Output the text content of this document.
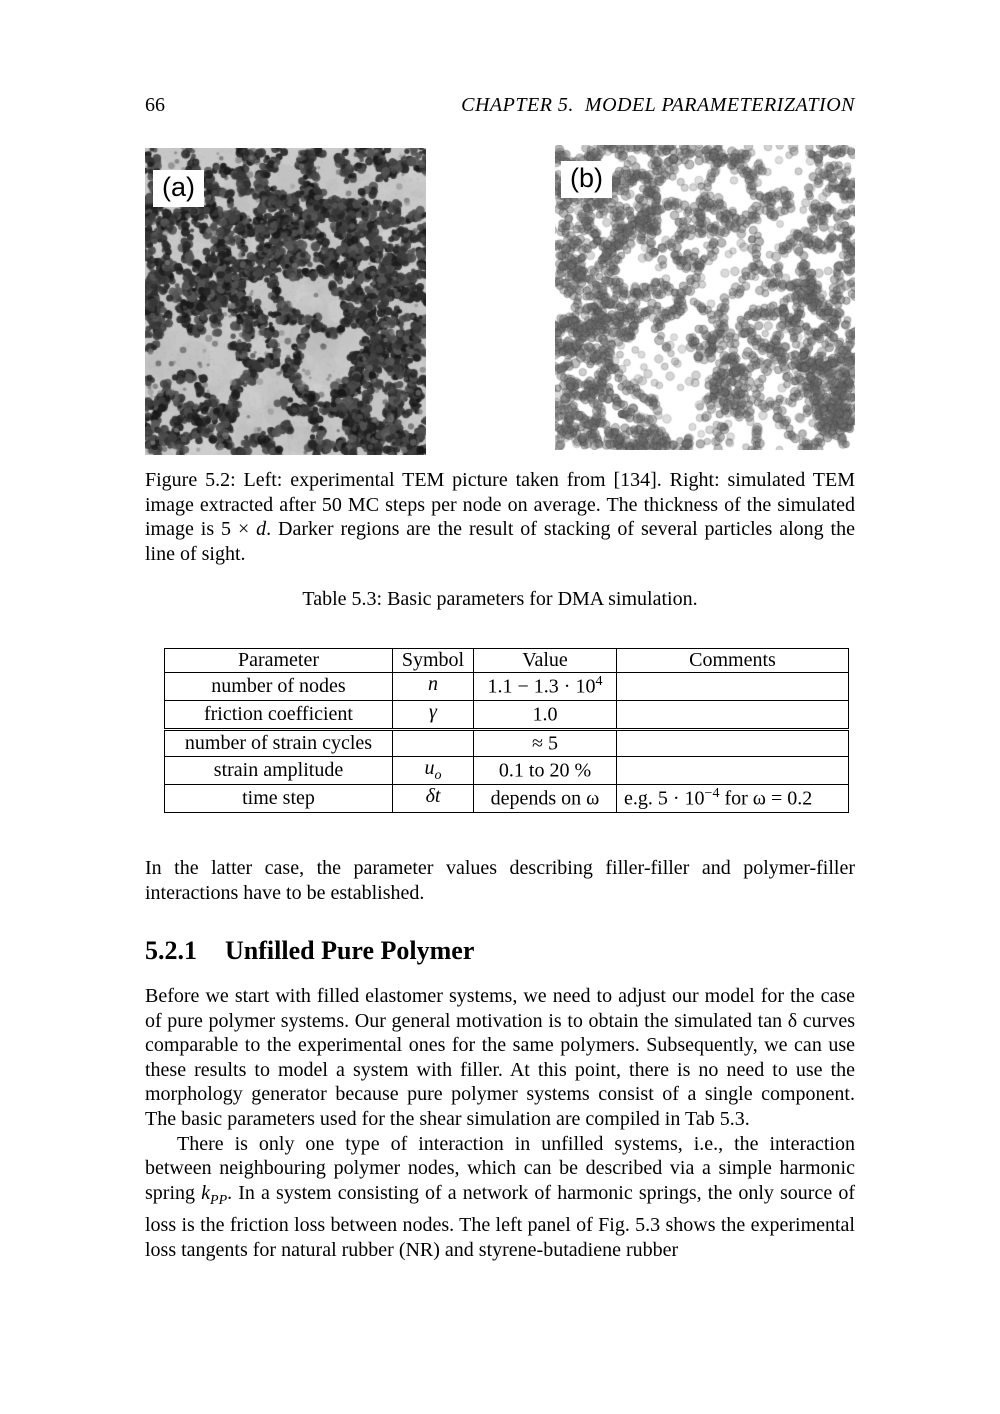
66	CHAPTER 5.  MODEL PARAMETERIZATION
(a)	(b)

Figure 5.2: Left: experimental TEM picture taken from [134]. Right: simulated TEM image extracted after 50 MC steps per node on average. The thickness of the simulated image is 5 × d. Darker regions are the result of stacking of several particles along the line of sight.

Table 5.3: Basic parameters for DMA simulation.

Parameter	Symbol	Value	Comments
number of nodes	n	$1.1 - 1.3 \cdot 10^4$	
friction coefficient	γ	1.0	
number of strain cycles		≈ 5	
strain amplitude	$u_o$	0.1 to 20 %	
time step	δt	depends on ω	e.g. $5 \cdot 10^{-4}$ for ω = 0.2

In the latter case, the parameter values describing filler-filler and polymer-filler interactions have to be established.

5.2.1 Unfilled Pure Polymer

Before we start with filled elastomer systems, we need to adjust our model for the case of pure polymer systems. Our general motivation is to obtain the simulated tan δ curves comparable to the experimental ones for the same polymers. Subsequently, we can use these results to model a system with filler. At this point, there is no need to use the morphology generator because pure polymer systems consist of a single component. The basic parameters used for the shear simulation are compiled in Tab 5.3.

There is only one type of interaction in unfilled systems, i.e., the interaction between neighbouring polymer nodes, which can be described via a simple harmonic spring $k_{PP}$. In a system consisting of a network of harmonic springs, the only source of loss is the friction loss between nodes. The left panel of Fig. 5.3 shows the experimental loss tangents for natural rubber (NR) and styrene-butadiene rubber
